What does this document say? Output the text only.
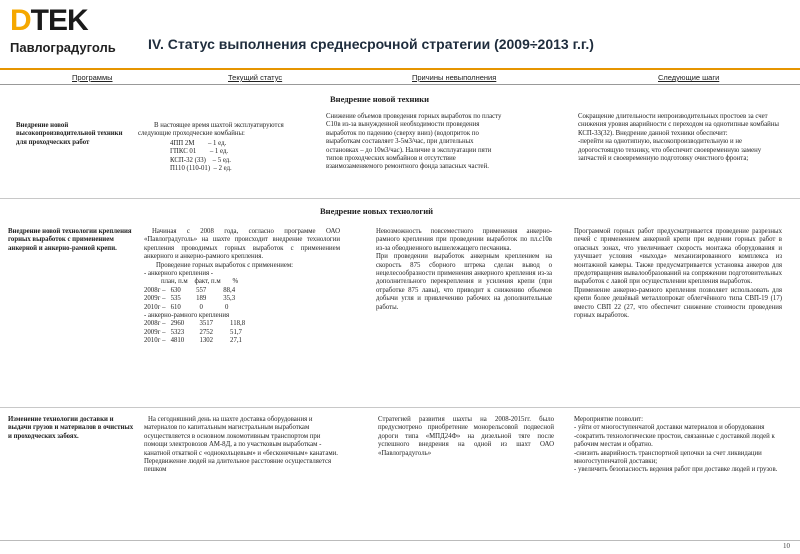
DTEK
Павлоградуголь IV. Статус выполнения среднесрочной стратегии (2009÷2013 г.г.)
Программы	Текущий статус	Причины невыполнения	Следующие шаги
Внедрение новой техники
Внедрение новой высокопроизводительной техники для проходческих работ
В настоящее время шахтой эксплуатируются следующие проходческие комбайны:
4ПП 2М        – 1 ед.
ГПКС 01        – 1 ед.
КСП-32 (33)    – 5 ед.
П110 (110-01)  – 2 ед.
Снижение объемов проведения горных выработок по пласту С10в из-за вынужденной необходимости проведения выработок по падению (сверху вниз) (водоприток по выработкам составляет 3-5м3/час, при длительных остановках – до 10м3/час). Наличие в эксплуатации пяти типов проходческих комбайнов и отсутствие взаимозаменяемого ремонтного фонда запасных частей.
Сокращение длительности непроизводительных простоев за счет снижения уровня аварийности с переходом на однотипные комбайны КСП-33(32). Внедрение данной техники обеспечит:
-перейти на однотипную, высокопроизводительную и не дорогостоящую технику, что обеспечит своевременную замену запчастей и своевременную подготовку очистного фронта;
Внедрение новых технологий
Внедрение новой технологии крепления горных выработок с применением анкерной и анкерно-рамной крепи.
Начиная с 2008 года, согласно программе ОАО «Павлоградуголь» на шахте происходит внедрение технологии крепления проводимых горных выработок с применением анкерного и анкерно-рамного крепления.
Проведение горных выработок с применением:
- анкерного крепления -
план, п.м    факт, п.м       %
2008г –   630         557          88,4
2009г –   535         189          35,3
2010г –   610           0             0
- анкерно-рамного крепления
2008г –   2960         3517          118,8
2009г –   5323         2752          51,7
2010г –   4810         1302          27,1
Невозможность повсеместного применения анкерно-рамного крепления при проведении выработок по пл.с10в из-за обводненного вышележащего песчаника.
При проведении выработок анкерным креплением на скорость 875 сборного штрека сделан вывод о нецелесообразности применения анкерного крепления из-за дополнительного перекрепления и усиления крепи (при отработке 875 лавы), что приводит к снижению объемов добычи угля и привлечению рабочих на дополнительные работы.
Программой горных работ предусматривается проведение разрезных печей с применением анкерной крепи при ведении горных работ в опасных зонах, что увеличивает скорость монтажа оборудования и улучшает условия «выхода» механизированного комплекса из монтажной камеры. Также предусматривается установка анкеров для предотвращения вывалообразований на сопряжении подготовительных выработок с лавой при осуществлении крепления выработок.
Применение анкерно-рамного крепления позволяет использовать для крепи более дешёвый металлопрокат облегчённого типа СВП-19 (17) вместо СВП 22 (27, что обеспечит снижение стоимости проведения горных выработок.
Изменение технологии доставки и выдачи грузов и материалов в очистных и проходческих забоях.
На сегодняшний день на шахте доставка оборудования и материалов по капитальным магистральным выработкам осуществляется в основном локомотивным транспортом при помощи электровозов АМ-8Д, а по участковым выработкам - канатной откаткой с «однокольцевым» и «бесконечным» канатами. Передвижение людей на длительное расстояние осуществляется пешком
Стратегией развития шахты на 2008-2015гг. было предусмотрено приобретение монорельсовой подвесной дороги типа «МПД24Ф» на дизельной тяге после успешного внедрения на одной из шахт ОАО «Павлоградуголь»
Мероприятие позволит:
- уйти от многоступенчатой доставки материалов и оборудования
-сократить технологические простои, связанные с доставкой людей к рабочим местам и обратно.
-снизить аварийность транспортной цепочки за счет ликвидации многоступенчатой доставки;
- увеличить безопасность ведения работ при доставке людей и грузов.
10
